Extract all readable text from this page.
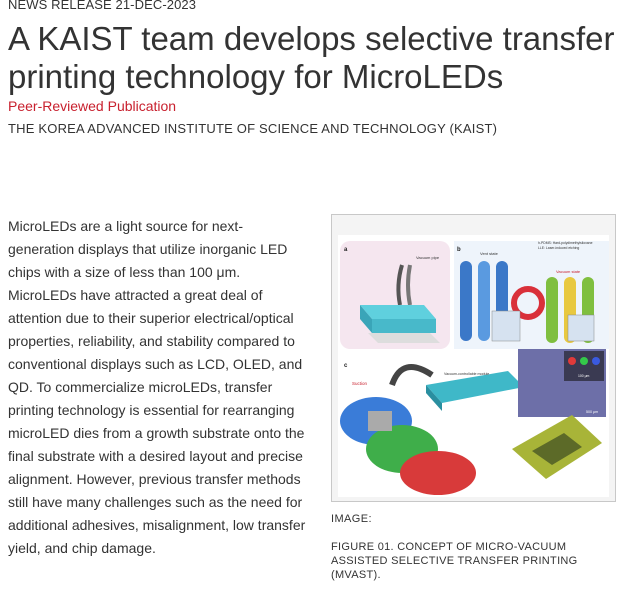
NEWS RELEASE 21-DEC-2023
A KAIST team develops selective transfer printing technology for MicroLEDs
Peer-Reviewed Publication
THE KOREA ADVANCED INSTITUTE OF SCIENCE AND TECHNOLOGY (KAIST)

MicroLEDs are a light source for next-generation displays that utilize inorganic LED chips with a size of less than 100 μm. MicroLEDs have attracted a great deal of attention due to their superior electrical/optical properties, reliability, and stability compared to conventional displays such as LCD, OLED, and QD. To commercialize microLEDs, transfer printing technology is essential for rearranging microLED dies from a growth substrate onto the final substrate with a desired layout and precise alignment. However, previous transfer methods still have many challenges such as the need for additional adhesives, misalignment, low transfer yield, and chip damage.

a
Vacuum pipe
b
h-PDMS: Hard-polydimethylsiloxane
LLE: Laser-induced etching
Vent state
Vacuum state
c
Suction
Vacuum-controllable module	100 μm
500 μm
IMAGE:

FIGURE 01. CONCEPT OF MICRO-VACUUM ASSISTED SELECTIVE TRANSFER PRINTING (MVAST).
